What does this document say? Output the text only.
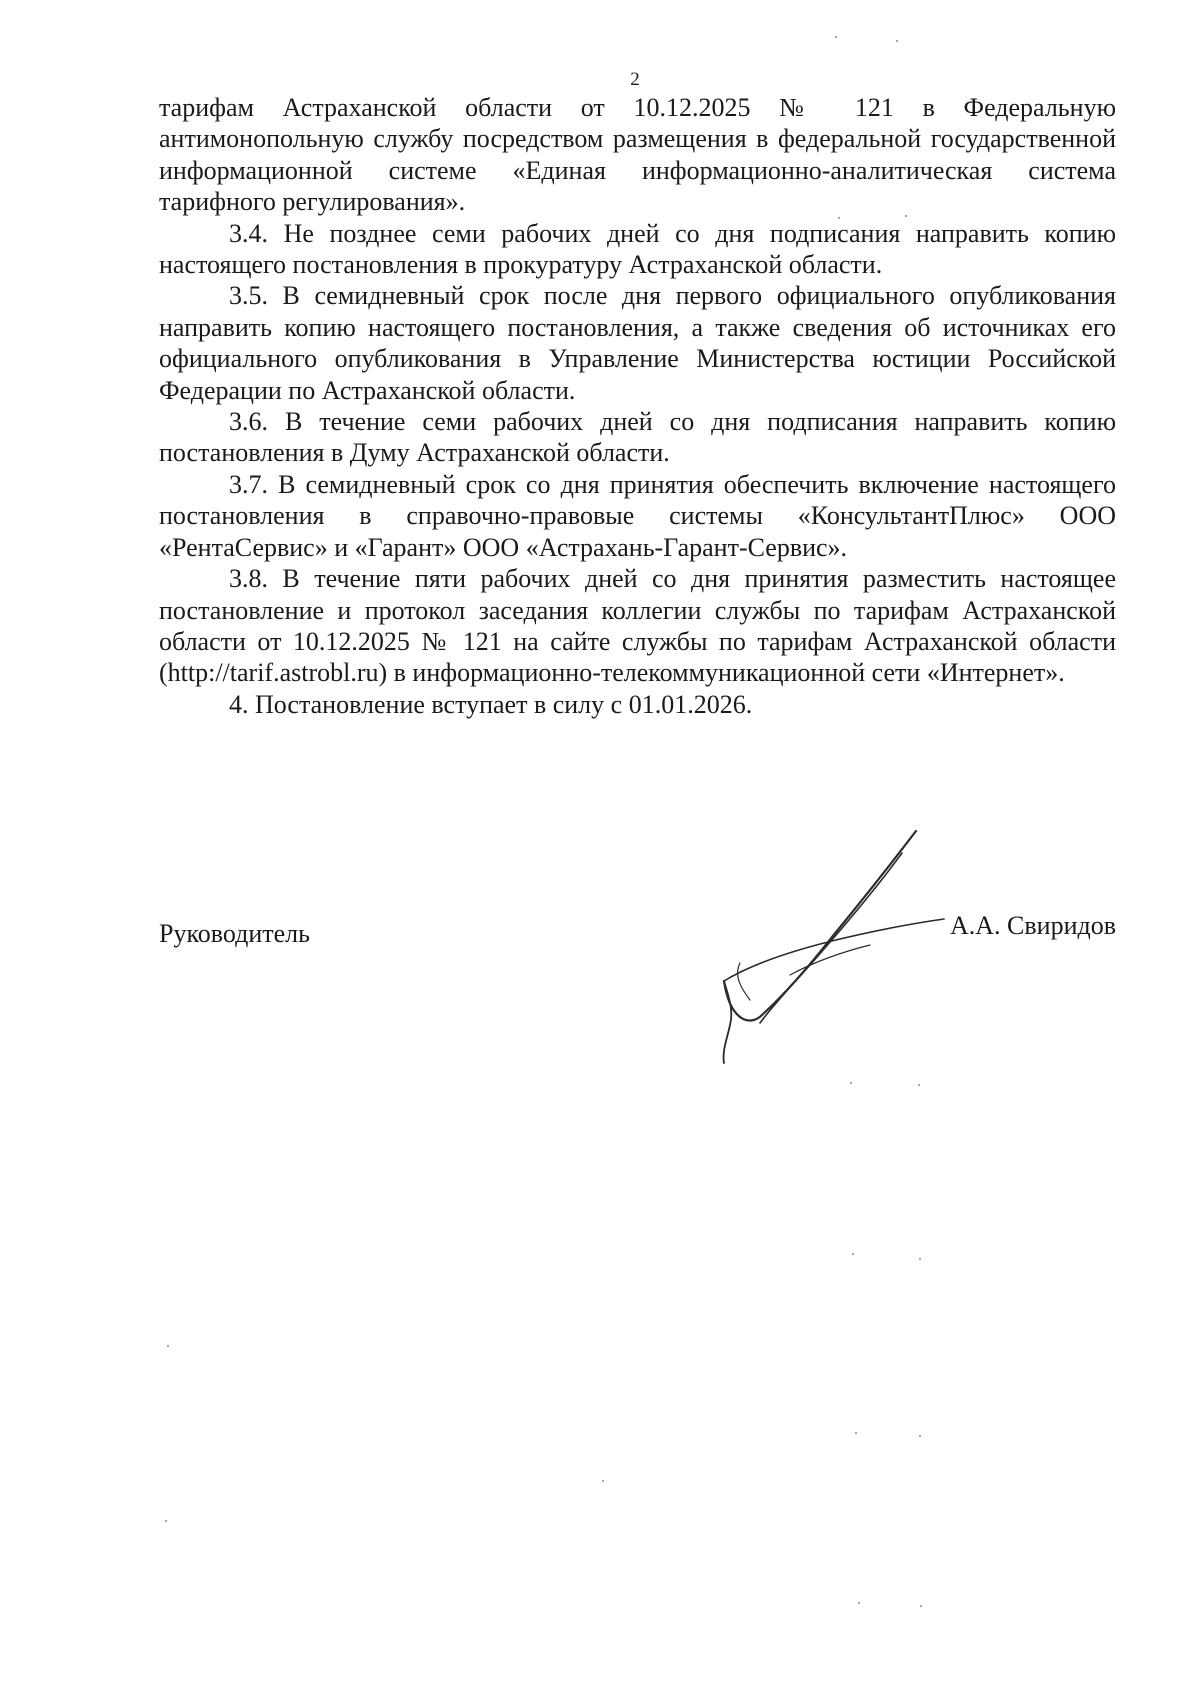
2

тарифам Астраханской области от 10.12.2025 № 121 в Федеральную антимонопольную службу посредством размещения в федеральной государственной информационной системе «Единая информационно-аналитическая система тарифного регулирования».

3.4. Не позднее семи рабочих дней со дня подписания направить копию настоящего постановления в прокуратуру Астраханской области.

3.5. В семидневный срок после дня первого официального опубликования направить копию настоящего постановления, а также сведения об источниках его официального опубликования в Управление Министерства юстиции Российской Федерации по Астраханской области.

3.6. В течение семи рабочих дней со дня подписания направить копию постановления в Думу Астраханской области.

3.7. В семидневный срок со дня принятия обеспечить включение настоящего постановления в справочно-правовые системы «КонсультантПлюс» ООО «РентаСервис» и «Гарант» ООО «Астрахань-Гарант-Сервис».

3.8. В течение пяти рабочих дней со дня принятия разместить настоящее постановление и протокол заседания коллегии службы по тарифам Астраханской области от 10.12.2025 № 121 на сайте службы по тарифам Астраханской области (http://tarif.astrobl.ru) в информационно-телекоммуникационной сети «Интернет».

4. Постановление вступает в силу с 01.01.2026.

Руководитель	А.А. Свиридов
